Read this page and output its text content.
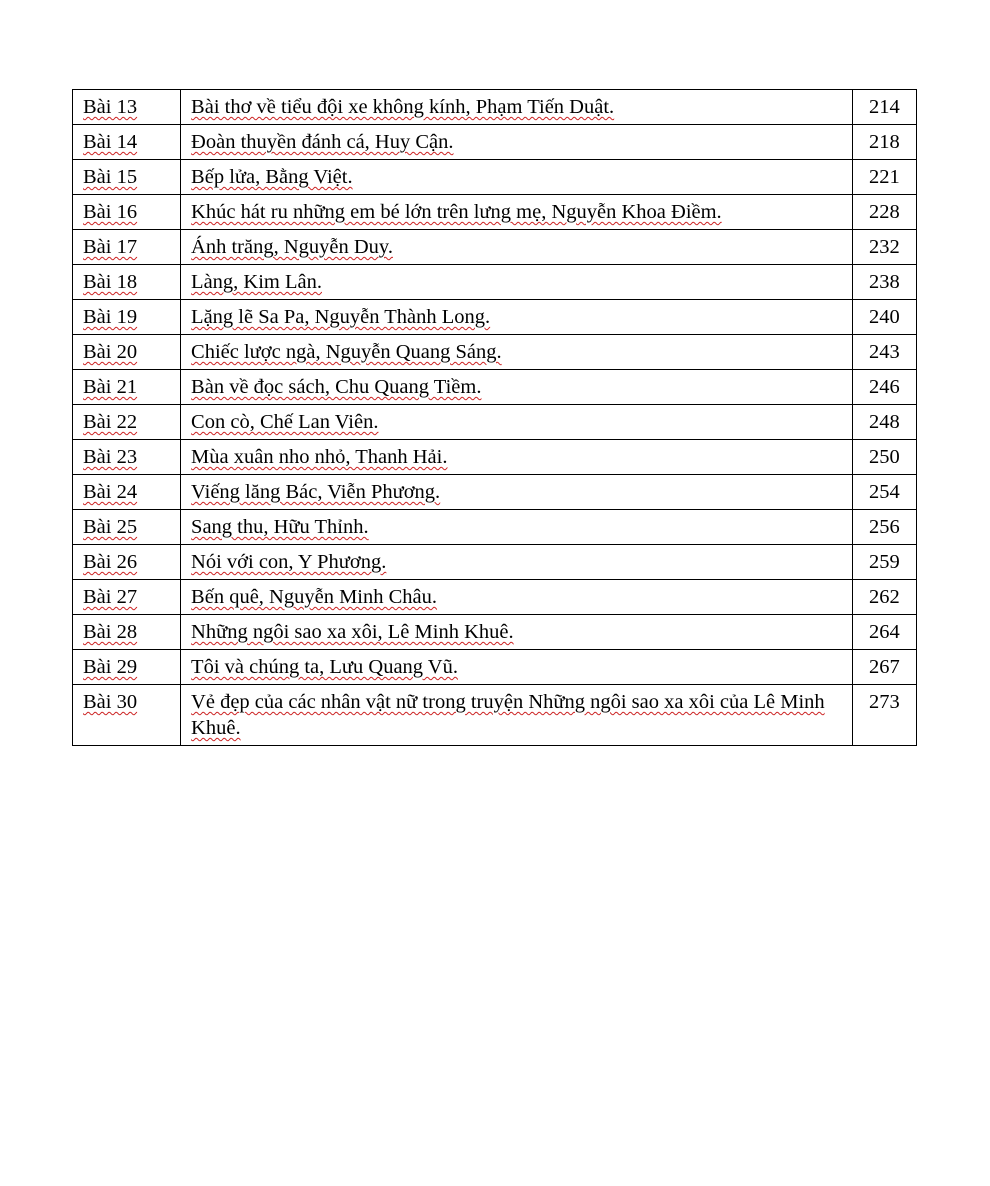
Bài 13	Bài thơ về tiểu đội xe không kính, Phạm Tiến Duật.	214
Bài 14	Đoàn thuyền đánh cá, Huy Cận.	218
Bài 15	Bếp lửa, Bằng Việt.	221
Bài 16	Khúc hát ru những em bé lớn trên lưng mẹ, Nguyễn Khoa Điềm.	228
Bài 17	Ánh trăng, Nguyễn Duy.	232
Bài 18	Làng, Kim Lân.	238
Bài 19	Lặng lẽ Sa Pa, Nguyễn Thành Long.	240
Bài 20	Chiếc lược ngà, Nguyễn Quang Sáng.	243
Bài 21	Bàn về đọc sách, Chu Quang Tiềm.	246
Bài 22	Con cò, Chế Lan Viên.	248
Bài 23	Mùa xuân nho nhỏ, Thanh Hải.	250
Bài 24	Viếng lăng Bác, Viễn Phương.	254
Bài 25	Sang thu, Hữu Thỉnh.	256
Bài 26	Nói với con, Y Phương.	259
Bài 27	Bến quê, Nguyễn Minh Châu.	262
Bài 28	Những ngôi sao xa xôi, Lê Minh Khuê.	264
Bài 29	Tôi và chúng ta, Lưu Quang Vũ.	267
Bài 30	Vẻ đẹp của các nhân vật nữ trong truyện Những ngôi sao xa xôi của Lê Minh Khuê.	273
